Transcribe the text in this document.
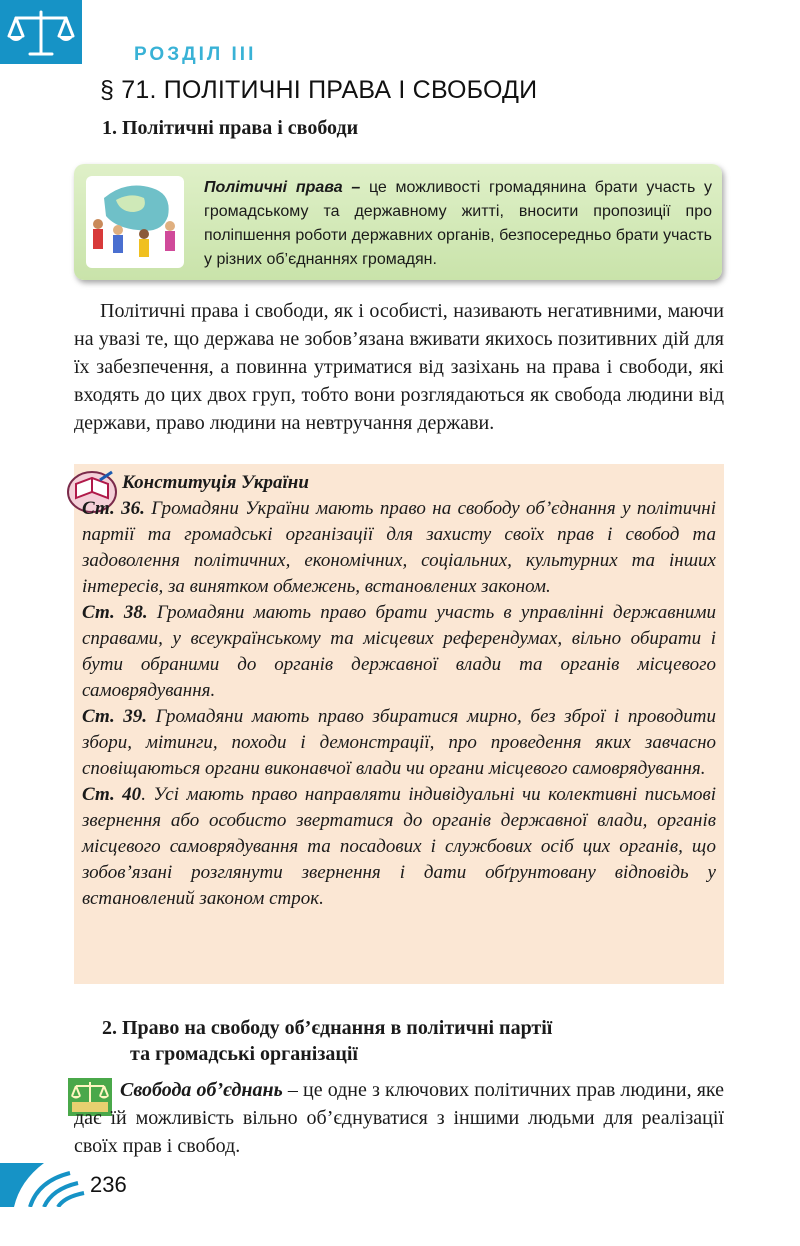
РОЗДІЛ III
§ 71. ПОЛІТИЧНІ ПРАВА І СВОБОДИ
1. Політичні права і свободи
Політичні права – це можливості громадянина брати участь у громадському та державному житті, вносити пропозиції про поліпшення роботи державних органів, безпосередньо брати участь у різних об’єднаннях громадян.

Політичні права і свободи, як і особисті, називають негативними, маючи на увазі те, що держава не зобов’язана вживати якихось позитивних дій для їх забезпечення, а повинна утриматися від зазіхань на права і свободи, які входять до цих двох груп, тобто вони розглядаються як свобода людини від держави, право людини на невтручання держави.

Конституція України

Ст. 36. Громадяни України мають право на свободу об’єднання у політичні партії та громадські організації для захисту своїх прав і свобод та задоволення політичних, економічних, соціальних, культурних та інших інтересів, за винятком обмежень, встановлених законом.

Ст. 38. Громадяни мають право брати участь в управлінні державними справами, у всеукраїнському та місцевих референдумах, вільно обирати і бути обраними до органів державної влади та органів місцевого самоврядування.

Ст. 39. Громадяни мають право збиратися мирно, без зброї і проводити збори, мітинги, походи і демонстрації, про проведення яких завчасно сповіщаються органи виконавчої влади чи органи місцевого самоврядування.

Ст. 40. Усі мають право направляти індивідуальні чи колективні письмові звернення або особисто звертатися до органів державної влади, органів місцевого самоврядування та посадових і службових осіб цих органів, що зобов’язані розглянути звернення і дати обґрунтовану відповідь у встановлений законом строк.

2. Право на свободу об’єднання в політичні партії
та громадські організації

Свобода об’єднань – це одне з ключових політичних прав людини, яке дає їй можливість вільно об’єднуватися з іншими людьми для реалізації своїх прав і свобод.

236
